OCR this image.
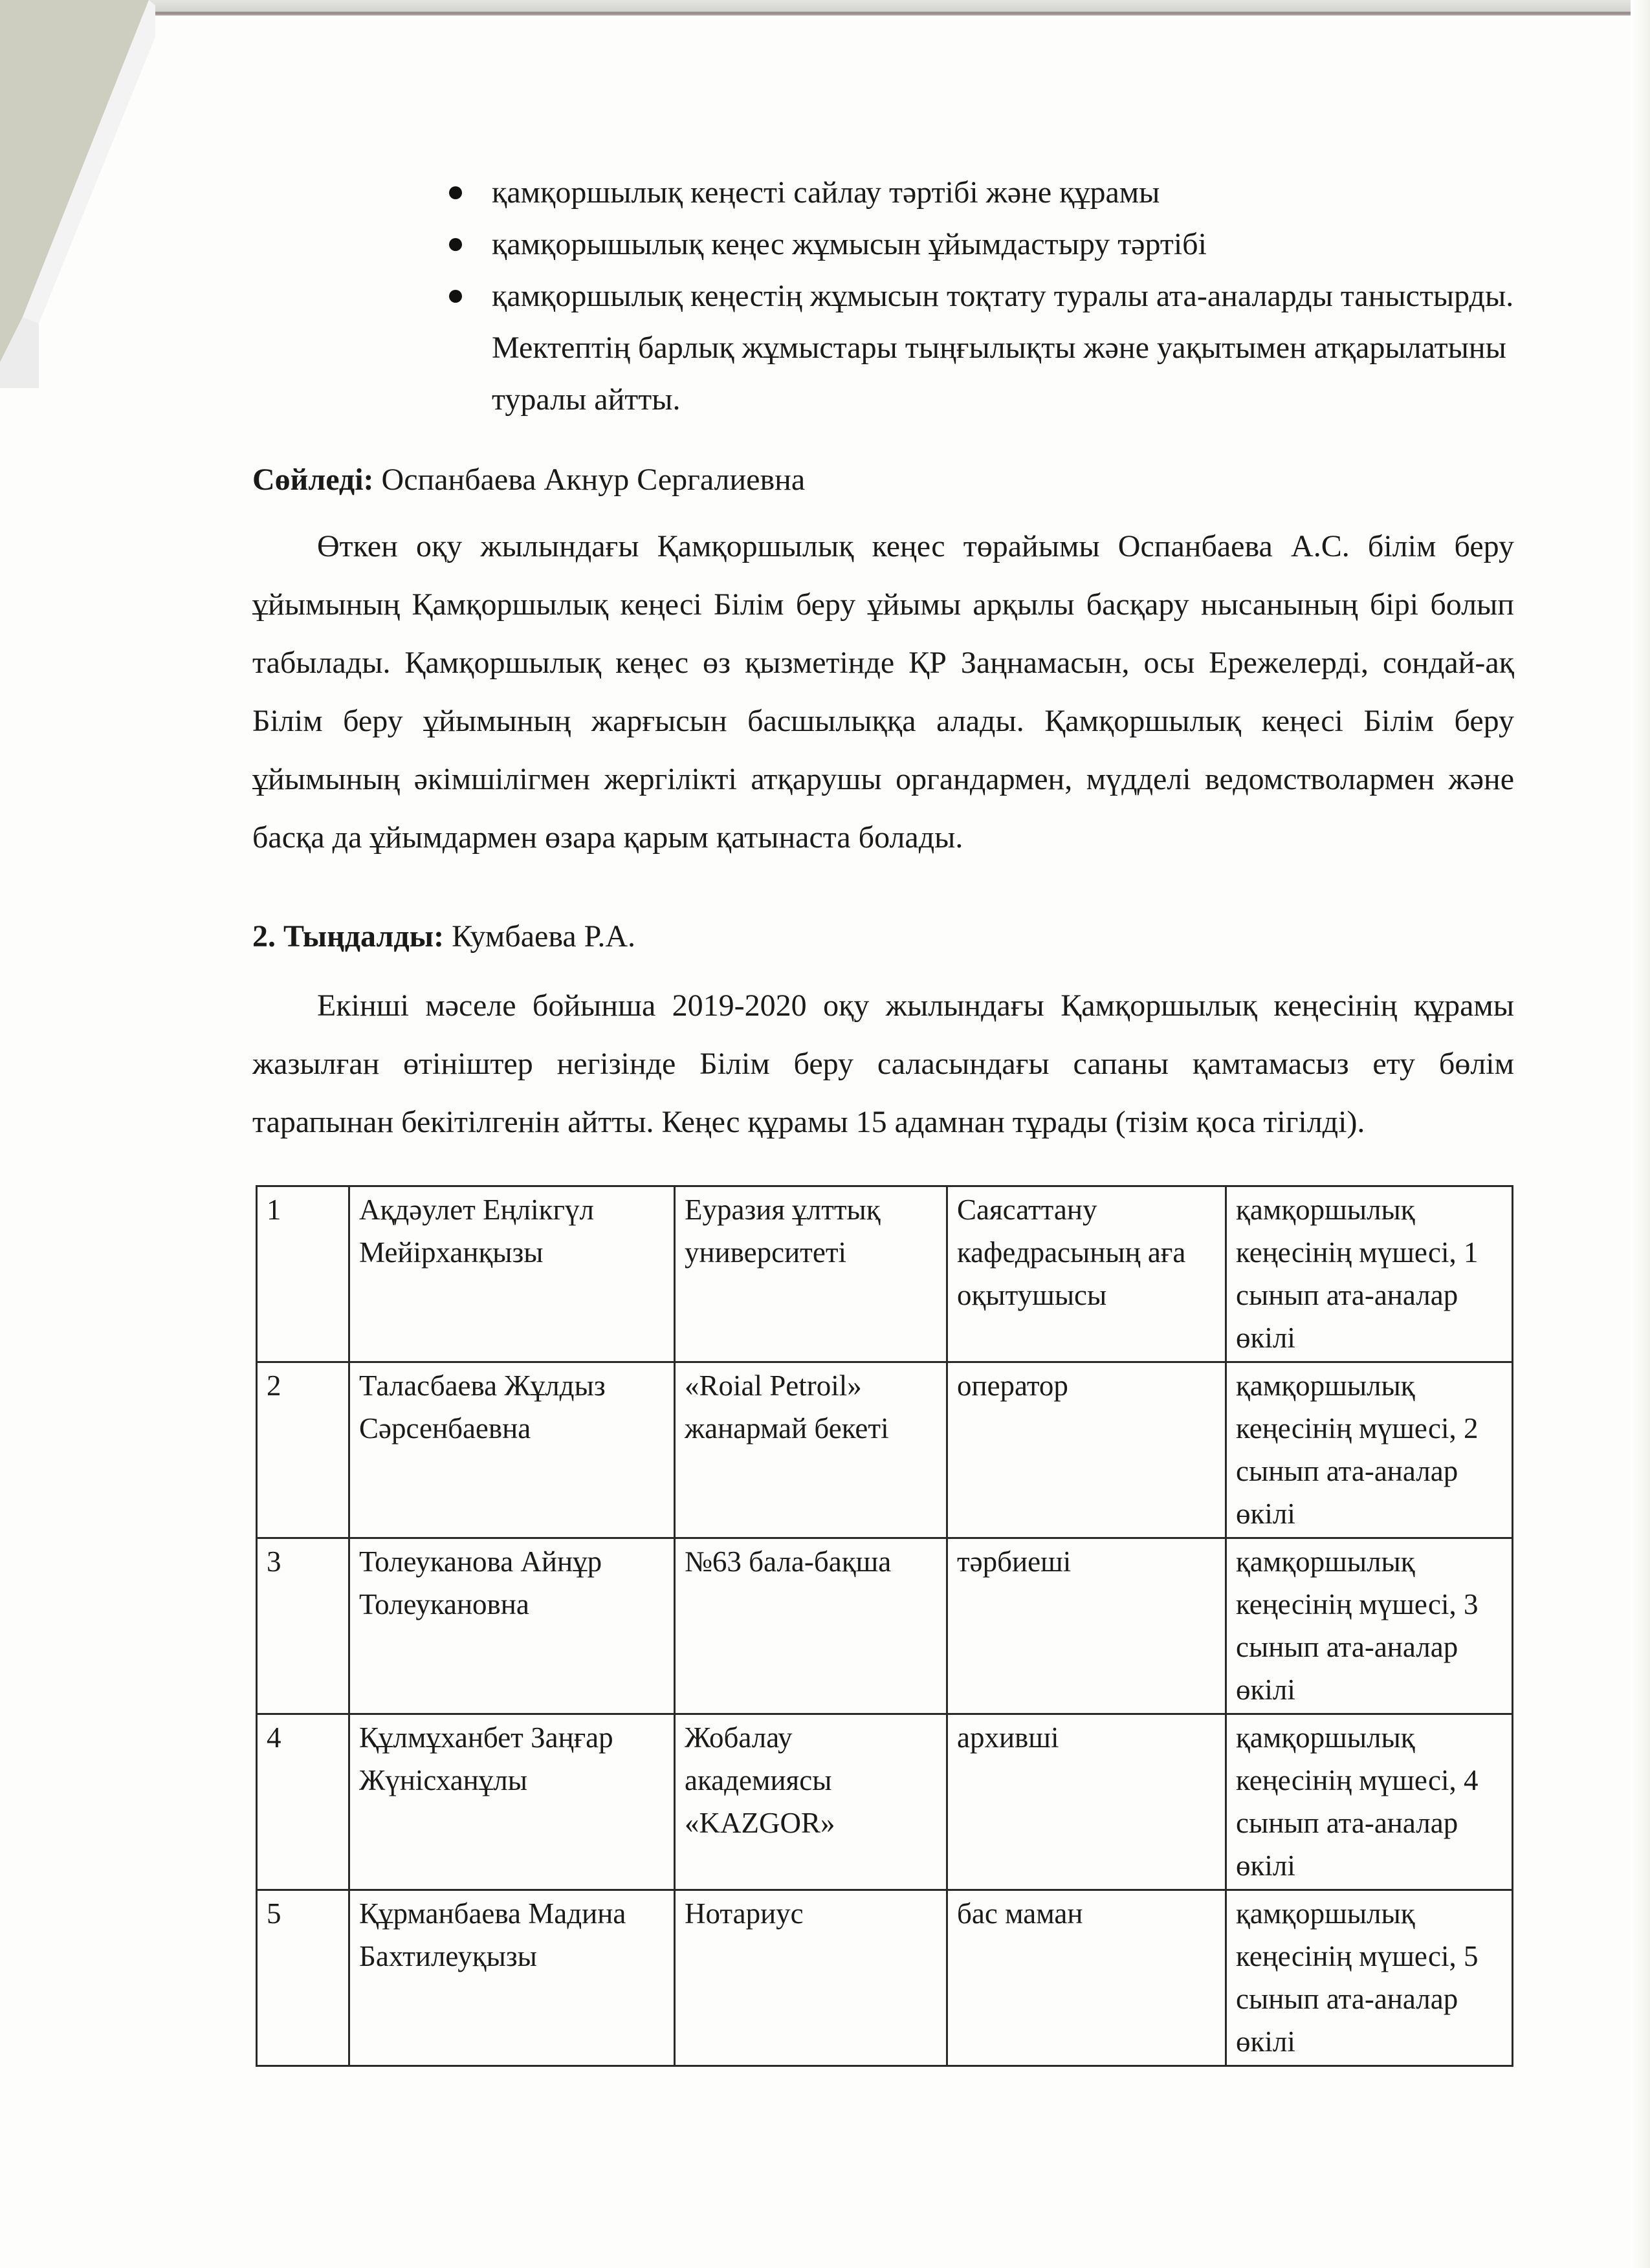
қамқоршылық кеңесті сайлау тәртібі және құрамы
қамқорышылық кеңес жұмысын ұйымдастыру тәртібі
қамқоршылық кеңестің жұмысын тоқтату туралы ата-аналарды таныстырды. Мектептің барлық жұмыстары тыңғылықты және уақытымен атқарылатыны туралы айтты.
Сөйледі: Оспанбаева Акнур Сергалиевна
Өткен оқу жылындағы Қамқоршылық кеңес төрайымы Оспанбаева А.С. білім беру ұйымының Қамқоршылық кеңесі Білім беру ұйымы арқылы басқару нысанының бірі болып табылады. Қамқоршылық кеңес өз қызметінде ҚР Заңнамасын, осы Ережелерді, сондай-ақ Білім беру ұйымының жарғысын басшылыққа алады. Қамқоршылық кеңесі Білім беру ұйымының әкімшілігмен жергілікті атқарушы органдармен, мүдделі ведомстволармен және басқа да ұйымдармен өзара қарым қатынаста болады.
2. Тыңдалды: Кумбаева Р.А.
Екінші мәселе бойынша 2019-2020 оқу жылындағы Қамқоршылық кеңесінің құрамы жазылған өтініштер негізінде Білім беру саласындағы сапаны қамтамасыз ету бөлім тарапынан бекітілгенін айтты. Кеңес құрамы 15 адамнан тұрады (тізім қоса тігілді).
1	Ақдәулет Еңлікгүл Мейірханқызы	Еуразия ұлттық университеті	Саясаттану кафедрасының аға оқытушысы	қамқоршылық кеңесінің мүшесі, 1 сынып ата-аналар өкілі
2	Таласбаева Жұлдыз Сәрсенбаевна	«Roial Petroil» жанармай бекеті	оператор	қамқоршылық кеңесінің мүшесі, 2 сынып ата-аналар өкілі
3	Толеуканова Айнұр Толеукановна	№63 бала-бақша	тәрбиеші	қамқоршылық кеңесінің мүшесі, 3 сынып ата-аналар өкілі
4	Құлмұханбет Заңғар Жүнісханұлы	Жобалау академиясы «KAZGOR»	архивші	қамқоршылық кеңесінің мүшесі, 4 сынып ата-аналар өкілі
5	Құрманбаева Мадина Бахтилеуқызы	Нотариус	бас маман	қамқоршылық кеңесінің мүшесі, 5 сынып ата-аналар өкілі
